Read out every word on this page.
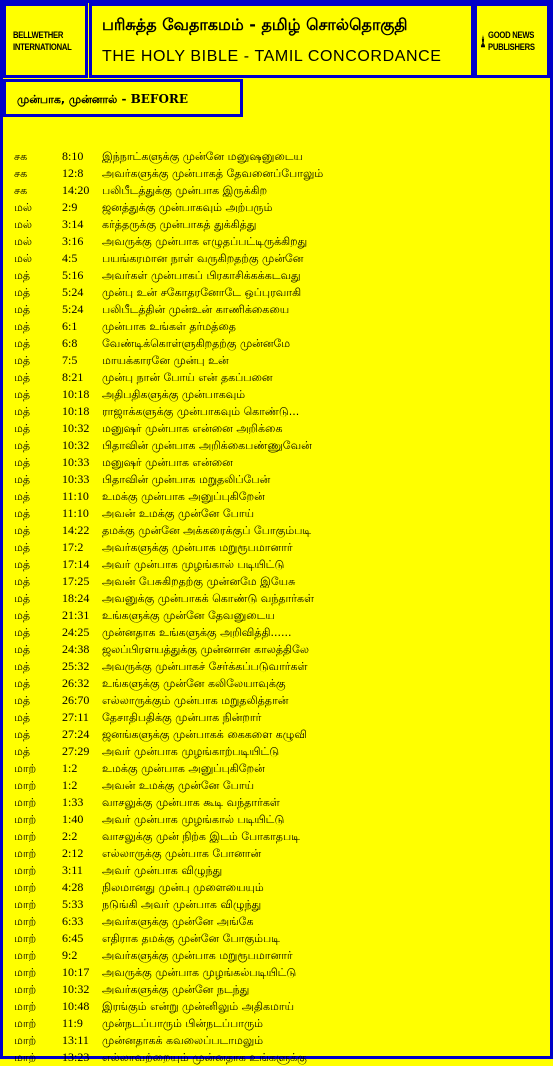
BELLWETHER
INTERNATIONAL
பரிசுத்த வேதாகமம் - தமிழ் சொல்தொகுதி
THE HOLY BIBLE - TAMIL CONCORDANCE
GOOD NEWS
PUBLISHERS
முன்பாக, முன்னால் - BEFORE
சக	8:10 இந்நாட்களுக்கு முன்னே மனுஷனுடைய
சக	12:8 அவர்களுக்கு முன்பாகத் தேவனைப்போலும்
சக	14:20 பலிபீடத்துக்கு முன்பாக இருக்கிற
மல்	2:9 ஜனத்துக்கு முன்பாகவும் அற்பரும்
மல்	3:14 கர்த்தருக்கு முன்பாகத் துக்கித்து
மல்	3:16 அவருக்கு முன்பாக எழுதப்பட்டிருக்கிறது
மல்	4:5 பயங்கரமான நாள் வருகிறதற்கு முன்னே
மத்	5:16 அவர்கள் முன்பாகப் பிரகாசிக்கக்கடவது
மத்	5:24 முன்பு உன் சகோதரனோடே ஒப்புரவாகி
மத்	5:24 பலிபீடத்தின் முன்உன் காணிக்கையை
மத்	6:1 முன்பாக உங்கள் தர்மத்தை
மத்	6:8 வேண்டிக்கொள்ளுகிறதற்கு முன்னமே
மத்	7:5 மாயக்காரனே முன்பு உன்
மத்	8:21 முன்பு நான் போய் என் தகப்பனை
மத்	10:18 அதிபதிகளுக்கு முன்பாகவும்
மத்	10:18 ராஜாக்களுக்கு முன்பாகவும் கொண்டு...
மத்	10:32 மனுஷர் முன்பாக என்னை அறிக்கை
மத்	10:32 பிதாவின் முன்பாக அறிக்கைபண்ணுவேன்
மத்	10:33 மனுஷர் முன்பாக என்னை
மத்	10:33 பிதாவின் முன்பாக மறுதலிப்பேன்
மத்	11:10 உமக்கு முன்பாக அனுப்புகிறேன்
மத்	11:10 அவன் உமக்கு முன்னே போய்
மத்	14:22 தமக்கு முன்னே அக்கரைக்குப் போகும்படி
மத்	17:2 அவர்களுக்கு முன்பாக மறுரூபமானார்
மத்	17:14 அவர் முன்பாக முழங்கால் படியிட்டு
மத்	17:25 அவன் பேசுகிறதற்கு முன்னமே இயேசு
மத்	18:24 அவனுக்கு முன்பாகக் கொண்டு வந்தார்கள்
மத்	21:31 உங்களுக்கு முன்னே தேவனுடைய
மத்	24:25 முன்னதாக உங்களுக்கு அறிவித்தி......
மத்	24:38 ஜலப்பிரளயத்துக்கு முன்னான காலத்திலே
மத்	25:32 அவருக்கு முன்பாகச் சேர்க்கப்படுவார்கள்
மத்	26:32 உங்களுக்கு முன்னே கலிலேயாவுக்கு
மத்	26:70 எல்லாருக்கும் முன்பாக மறுதலித்தான்
மத்	27:11 தேசாதிபதிக்கு முன்பாக நின்றார்
மத்	27:24 ஜனங்களுக்கு முன்பாகக் கைகளை கழுவி
மத்	27:29 அவர் முன்பாக முழங்காற்படியிட்டு
மாற் 1:2 உமக்கு முன்பாக அனுப்புகிறேன்
மாற் 1:2 அவன் உமக்கு முன்னே போய்
மாற் 1:33 வாசலுக்கு முன்பாக கூடி வந்தார்கள்
மாற் 1:40 அவர் முன்பாக முழங்கால் படியிட்டு
மாற் 2:2 வாசலுக்கு முன் நிற்க இடம் போகாதபடி
மாற் 2:12 எல்லாருக்கு முன்பாக போனான்
மாற் 3:11 அவர் முன்பாக விழுந்து
மாற் 4:28 நிலமானது முன்பு முளையையும்
மாற் 5:33 நடுங்கி அவர் முன்பாக விழுந்து
மாற் 6:33 அவர்களுக்கு முன்னே அங்கே
மாற் 6:45 எதிராக தமக்கு முன்னே போகும்படி
மாற் 9:2 அவர்களுக்கு முன்பாக மறுரூபமானார்
மாற் 10:17 அவருக்கு முன்பாக முழங்கல்படியிட்டு
மாற் 10:32 அவர்களுக்கு முன்னே நடந்து
மாற் 10:48 இரங்கும் என்று முன்னிலும் அதிகமாய்
மாற் 11:9 முன்நடப்பாரும் பின்நடப்பாரும்
மாற் 13:11 முன்னதாகக் கவலைப்படாமலும்
மாற் 13:23 எல்லாவற்றையும் முன்னதாக உங்களுக்கு
